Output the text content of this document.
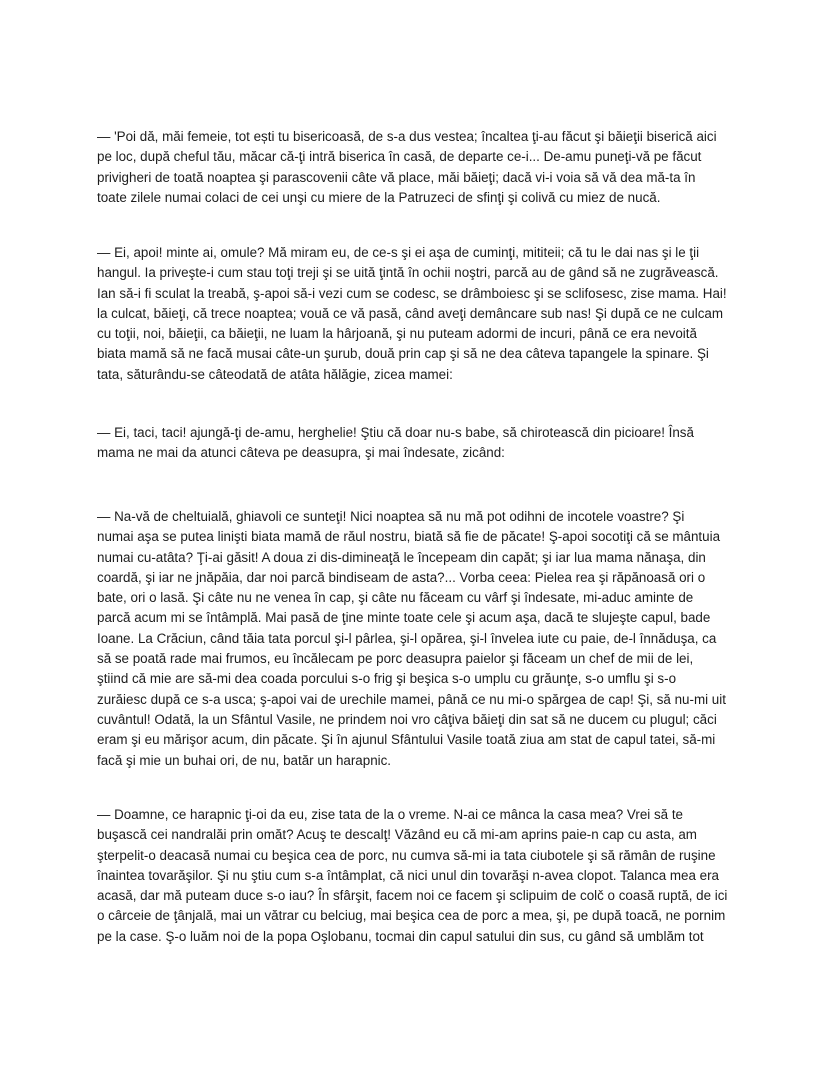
— 'Poi dă, măi femeie, tot ești tu bisericoasă, de s-a dus vestea; încaltea ţi-au făcut şi băieţii biserică aici
pe loc, după cheful tău, măcar că-ţi intră biserica în casă, de departe ce-i... De-amu puneţi-vă pe făcut
privigheri de toată noaptea şi parascovenii câte vă place, măi băieţi; dacă vi-i voia să vă dea mă-ta în
toate zilele numai colaci de cei unşi cu miere de la Patruzeci de sfinţi şi colivă cu miez de nucă.
— Ei, apoi! minte ai, omule? Mă miram eu, de ce-s şi ei aşa de cuminţi, mititeii; că tu le dai nas şi le ţii
hangul. Ia priveşte-i cum stau toţi treji şi se uită ţintă în ochii noştri, parcă au de gând să ne zugrăvească.
Ian să-i fi sculat la treabă, ş-apoi să-i vezi cum se codesc, se drâmboiesc şi se sclifosesc, zise mama. Hai!
la culcat, băieţi, că trece noaptea; vouă ce vă pasă, când aveţi demâncare sub nas! Şi după ce ne culcam
cu toţii, noi, băieţii, ca băieţii, ne luam la hârjoană, şi nu puteam adormi de incuri, până ce era nevoită
biata mamă să ne facă musai câte-un şurub, două prin cap şi să ne dea câteva tapangele la spinare. Şi
tata, săturându-se câteodată de atâta hălăgie, zicea mamei:
— Ei, taci, taci! ajungă-ţi de-amu, herghelie! Ştiu că doar nu-s babe, să chirotească din picioare! Însă
mama ne mai da atunci câteva pe deasupra, şi mai îndesate, zicând:
— Na-vă de cheltuială, ghiavoli ce sunteţi! Nici noaptea să nu mă pot odihni de incotele voastre? Şi
numai aşa se putea linişti biata mamă de răul nostru, biată să fie de păcate! Ş-apoi socotiţi că se mântuia
numai cu-atâta? Ţi-ai găsit! A doua zi dis-dimineaţă le începeam din capăt; şi iar lua mama nănaşa, din
coardă, şi iar ne jnăpăia, dar noi parcă bindiseam de asta?... Vorba ceea: Pielea rea şi răpănoasă ori o
bate, ori o lasă. Şi câte nu ne venea în cap, şi câte nu făceam cu vârf şi îndesate, mi-aduc aminte de
parcă acum mi se întâmplă. Mai pasă de ţine minte toate cele şi acum aşa, dacă te slujeşte capul, bade
Ioane. La Crăciun, când tăia tata porcul şi-l pârlea, şi-l opărea, şi-l învelea iute cu paie, de-l înnăduşa, ca
să se poată rade mai frumos, eu încălecam pe porc deasupra paielor şi făceam un chef de mii de lei,
ştiind că mie are să-mi dea coada porcului s-o frig şi beşica s-o umplu cu grăunţe, s-o umflu şi s-o
zurăiesc după ce s-a usca; ş-apoi vai de urechile mamei, până ce nu mi-o spărgea de cap! Şi, să nu-mi uit
cuvântul! Odată, la un Sfântul Vasile, ne prindem noi vro câţiva băieţi din sat să ne ducem cu plugul; căci
eram şi eu mărişor acum, din păcate. Şi în ajunul Sfântului Vasile toată ziua am stat de capul tatei, să-mi
facă şi mie un buhai ori, de nu, batăr un harapnic.
— Doamne, ce harapnic ţi-oi da eu, zise tata de la o vreme. N-ai ce mânca la casa mea? Vrei să te
buşască cei nandralăi prin omăt? Acuş te descalţ! Văzând eu că mi-am aprins paie-n cap cu asta, am
şterpelit-o deacasă numai cu beşica cea de porc, nu cumva să-mi ia tata ciubotele şi să rămân de ruşine
înaintea tovarăşilor. Şi nu ştiu cum s-a întâmplat, că nici unul din tovarăşi n-avea clopot. Talanca mea era
acasă, dar mă puteam duce s-o iau? În sfârşit, facem noi ce facem şi sclipuim de colč o coasă ruptă, de ici
o cârceie de ţânjală, mai un vătrar cu belciug, mai beşica cea de porc a mea, şi, pe după toacă, ne pornim
pe la case. Ş-o luăm noi de la popa Oşlobanu, tocmai din capul satului din sus, cu gând să umblăm tot
